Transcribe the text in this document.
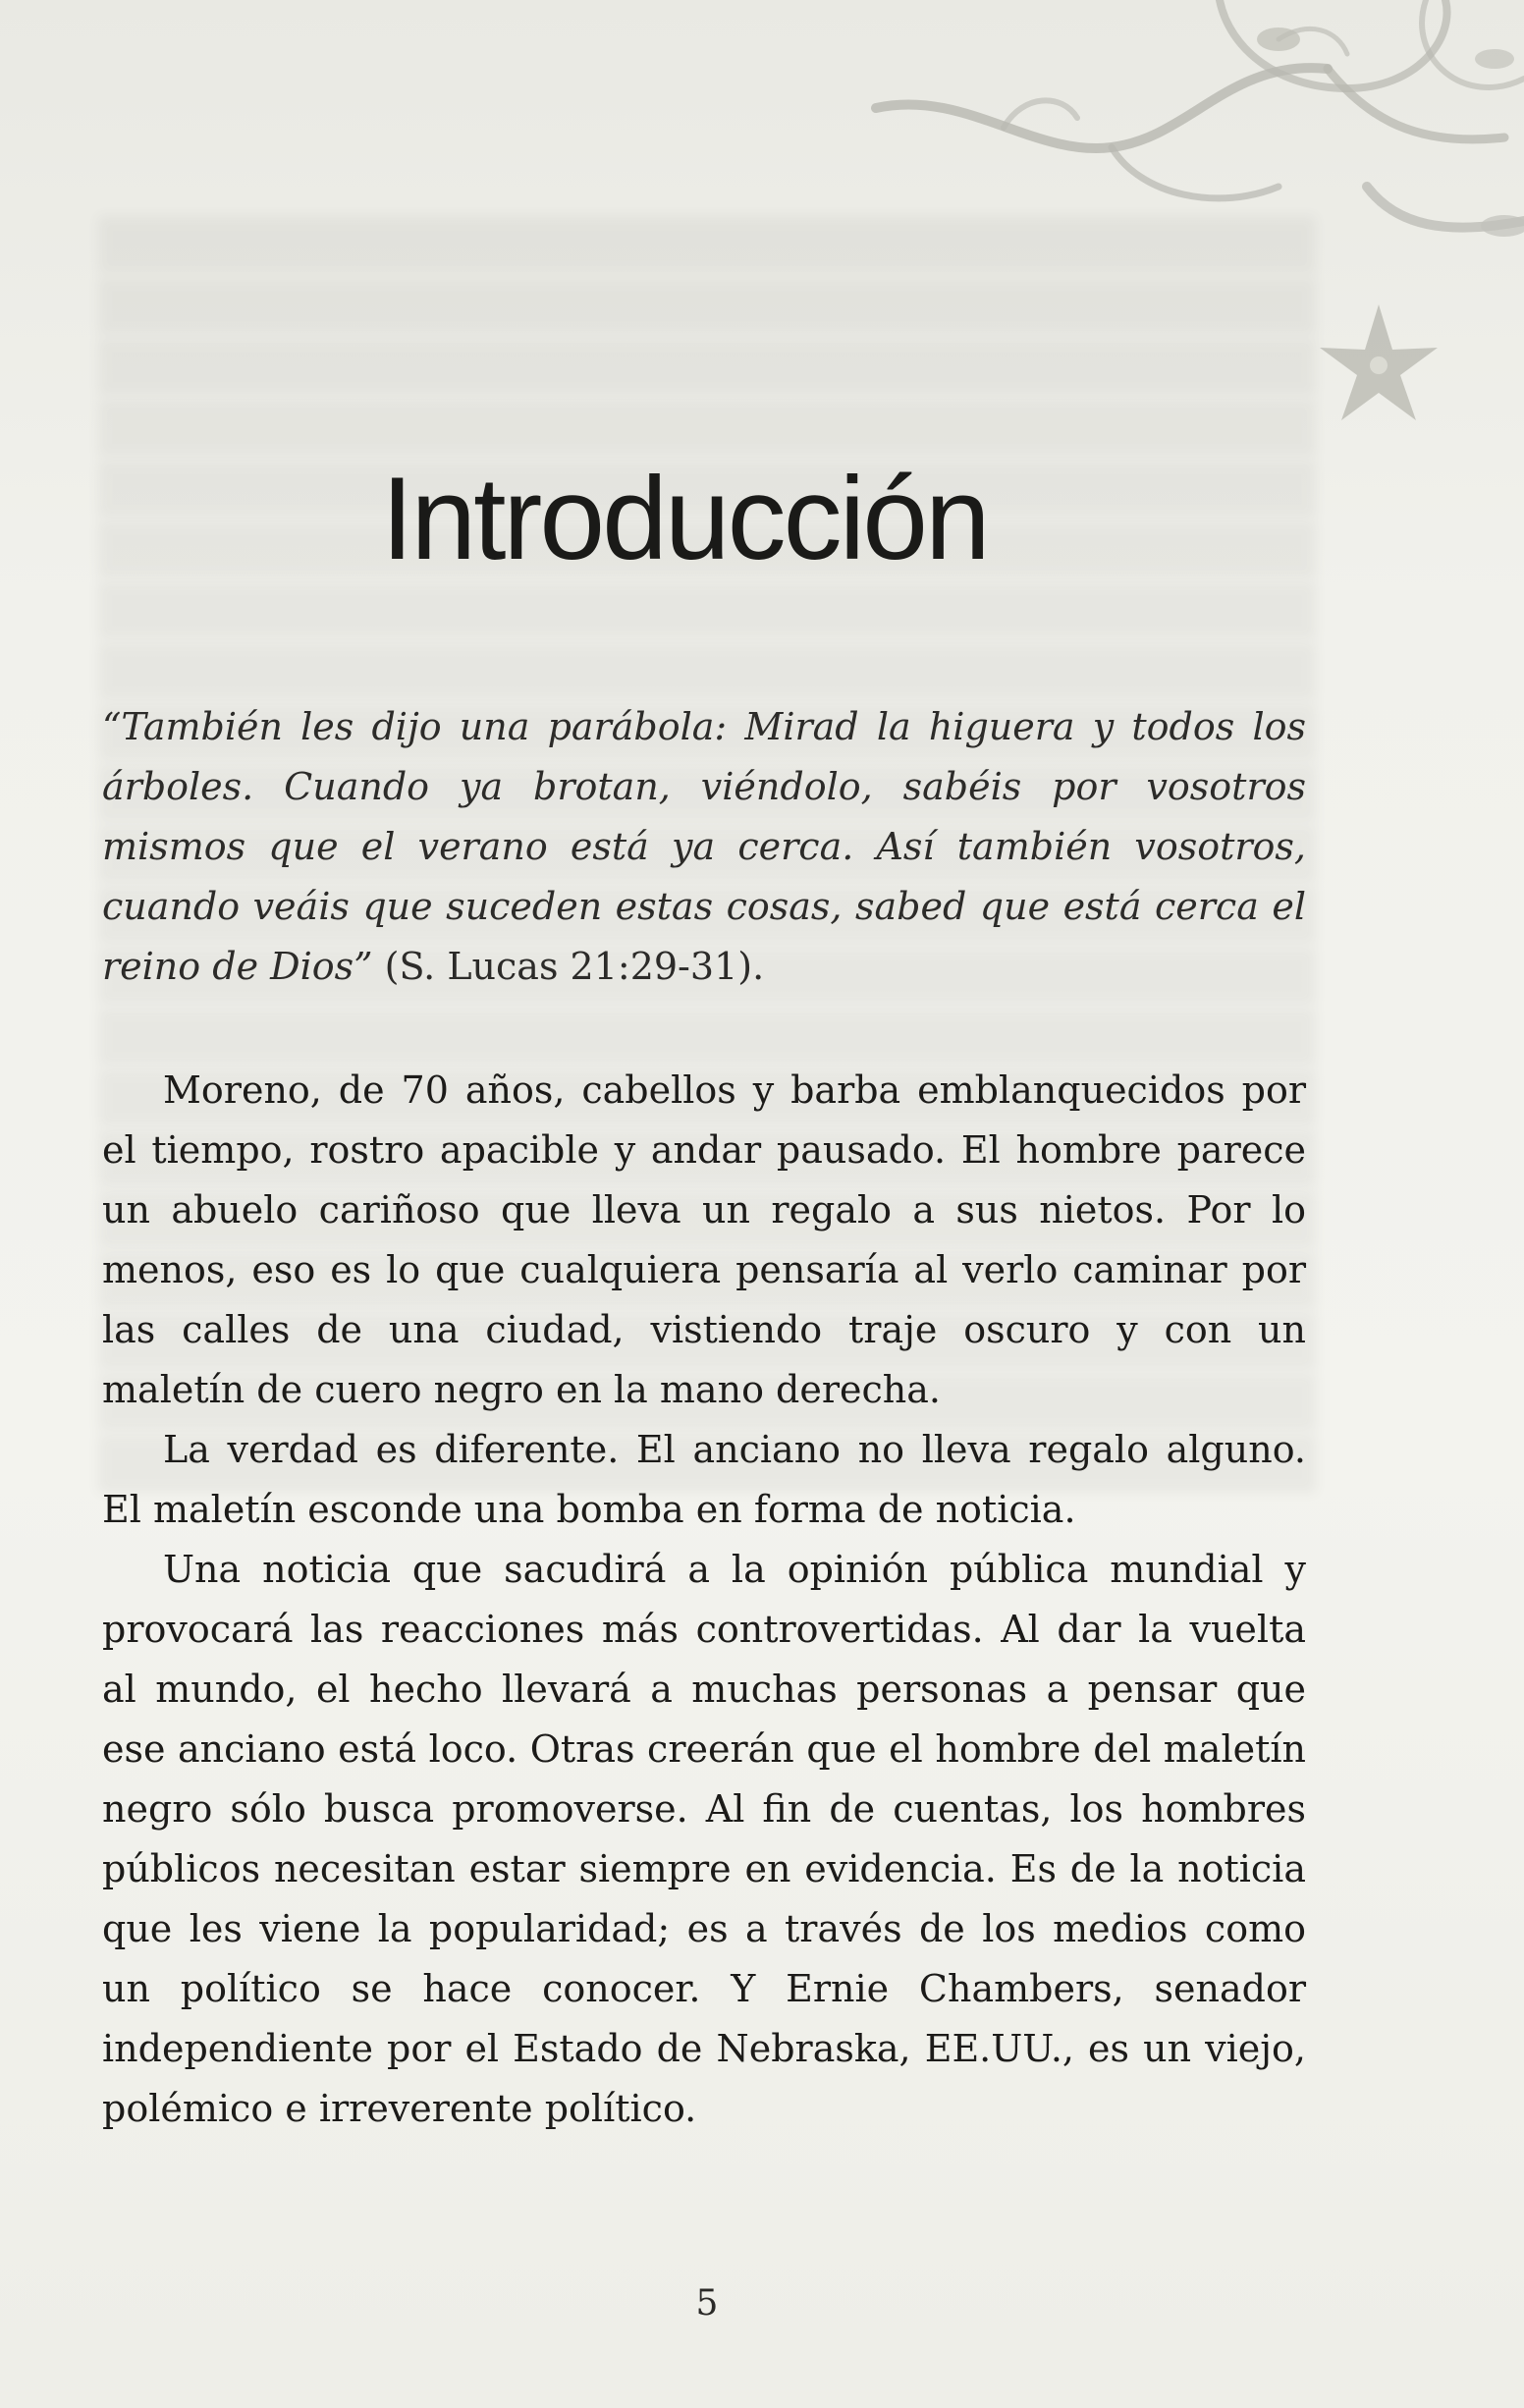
Introducción

“También les dijo una parábola: Mirad la higuera y todos los árboles. Cuando ya brotan, viéndolo, sabéis por vosotros mismos que el verano está ya cerca. Así también vosotros, cuando veáis que suceden estas cosas, sabed que está cerca el reino de Dios” (S. Lucas 21:29-31).

Moreno, de 70 años, cabellos y barba emblanquecidos por el tiempo, rostro apacible y andar pausado. El hombre parece un abuelo cariñoso que lleva un regalo a sus nietos. Por lo menos, eso es lo que cualquiera pensaría al verlo caminar por las calles de una ciudad, vistiendo traje oscuro y con un maletín de cuero negro en la mano derecha.

La verdad es diferente. El anciano no lleva regalo alguno. El maletín esconde una bomba en forma de noticia.

Una noticia que sacudirá a la opinión pública mundial y provocará las reacciones más controvertidas. Al dar la vuelta al mundo, el hecho llevará a muchas personas a pensar que ese anciano está loco. Otras creerán que el hombre del maletín negro sólo busca promoverse. Al fin de cuentas, los hombres públicos necesitan estar siempre en evidencia. Es de la noticia que les viene la popularidad; es a través de los medios como un político se hace conocer. Y Ernie Chambers, senador independiente por el Estado de Nebraska, EE.UU., es un viejo, polémico e irreverente político.

5
